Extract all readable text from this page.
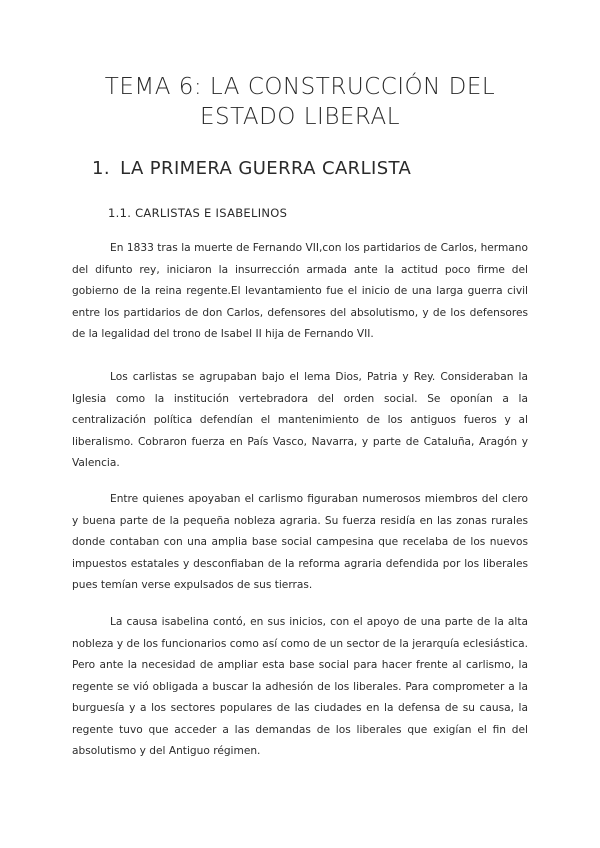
TEMA 6: LA CONSTRUCCIÓN DEL
ESTADO LIBERAL
1. LA PRIMERA GUERRA CARLISTA
1.1. CARLISTAS E ISABELINOS

En 1833 tras la muerte de Fernando VII,con los partidarios de Carlos, hermano del difunto rey, iniciaron la insurrección armada ante la actitud poco firme del gobierno de la reina regente.El levantamiento fue el inicio de una larga guerra civil entre los partidarios de don Carlos, defensores del absolutismo, y de los defensores de la legalidad del trono de Isabel II hija de Fernando VII.

Los carlistas se agrupaban bajo el lema Dios, Patria y Rey. Consideraban la Iglesia como la institución vertebradora del orden social. Se oponían a la centralización política defendían el mantenimiento de los antiguos fueros y al liberalismo. Cobraron fuerza en País Vasco, Navarra, y parte de Cataluña, Aragón y Valencia.

Entre quienes apoyaban el carlismo figuraban numerosos miembros del clero y buena parte de la pequeña nobleza agraria. Su fuerza residía en las zonas rurales donde contaban con una amplia base social campesina que recelaba de los nuevos impuestos estatales y desconfiaban de la reforma agraria defendida por los liberales pues temían verse expulsados de sus tierras.

La causa isabelina contó, en sus inicios, con el apoyo de una parte de la alta nobleza y de los funcionarios como así como de un sector de la jerarquía eclesiástica. Pero ante la necesidad de ampliar esta base social para hacer frente al carlismo, la regente se vió obligada a buscar la adhesión de los liberales. Para comprometer a la burguesía y a los sectores populares de las ciudades en la defensa de su causa, la regente tuvo que acceder a las demandas de los liberales que exigían el fin del absolutismo y del Antiguo régimen.
